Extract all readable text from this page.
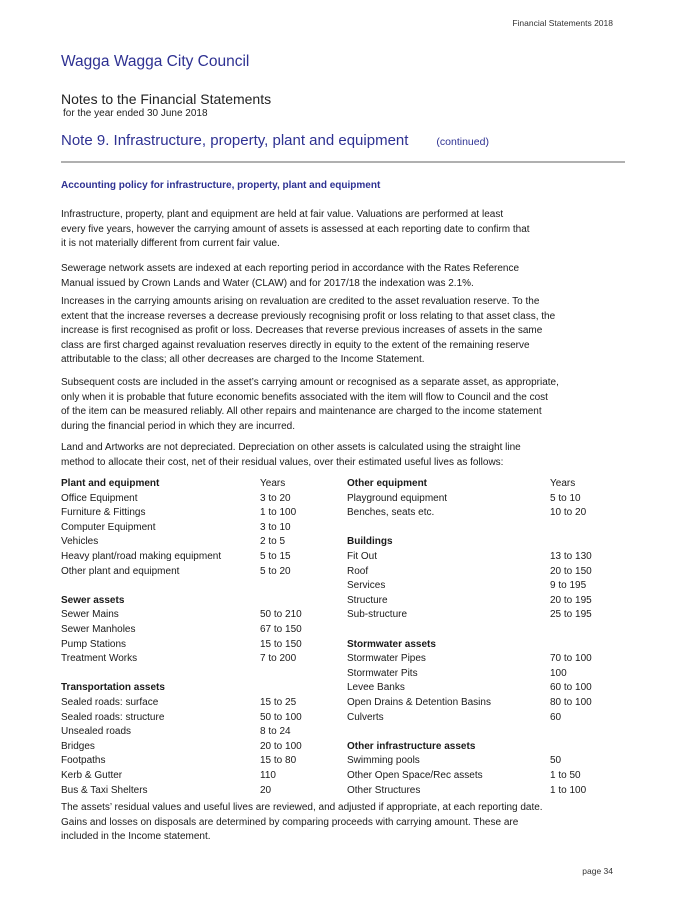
Financial Statements 2018
Wagga Wagga City Council
Notes to the Financial Statements
for the year ended 30 June 2018
Note 9. Infrastructure, property, plant and equipment	(continued)
Accounting policy for infrastructure, property, plant and equipment
Infrastructure, property, plant and equipment are held at fair value. Valuations are performed at least
every five years, however the carrying amount of assets is assessed at each reporting date to confirm that
it is not materially different from current fair value.
Sewerage network assets are indexed at each reporting period in accordance with the Rates Reference
Manual issued by Crown Lands and Water (CLAW) and for 2017/18 the indexation was 2.1%.
Increases in the carrying amounts arising on revaluation are credited to the asset revaluation reserve. To the
extent that the increase reverses a decrease previously recognising profit or loss relating to that asset class, the
increase is first recognised as profit or loss. Decreases that reverse previous increases of assets in the same
class are first charged against revaluation reserves directly in equity to the extent of the remaining reserve
attributable to the class; all other decreases are charged to the Income Statement.
Subsequent costs are included in the asset’s carrying amount or recognised as a separate asset, as appropriate,
only when it is probable that future economic benefits associated with the item will flow to Council and the cost
of the item can be measured reliably. All other repairs and maintenance are charged to the income statement
during the financial period in which they are incurred.
Land and Artworks are not depreciated. Depreciation on other assets is calculated using the straight line
method to allocate their cost, net of their residual values, over their estimated useful lives as follows:
Plant and equipment	Years
Office Equipment	3 to 20
Furniture & Fittings	1 to 100
Computer Equipment	3 to 10
Vehicles	2 to 5
Heavy plant/road making equipment	5 to 15
Other plant and equipment	5 to 20
Sewer assets
Sewer Mains	50 to 210
Sewer Manholes	67 to 150
Pump Stations	15 to 150
Treatment Works	7 to 200
Transportation assets
Sealed roads: surface	15 to 25
Sealed roads: structure	50 to 100
Unsealed roads	8 to 24
Bridges	20 to 100
Footpaths	15 to 80
Kerb & Gutter	110
Bus & Taxi Shelters	20
Other equipment	Years
Playground equipment	5 to 10
Benches, seats etc.	10 to 20
Buildings
Fit Out	13 to 130
Roof	20 to 150
Services	9 to 195
Structure	20 to 195
Sub-structure	25 to 195
Stormwater assets
Stormwater Pipes	70 to 100
Stormwater Pits	100
Levee Banks	60 to 100
Open Drains & Detention Basins	80 to 100
Culverts	60
Other infrastructure assets
Swimming pools	50
Other Open Space/Rec assets	1 to 50
Other Structures	1 to 100
The assets’ residual values and useful lives are reviewed, and adjusted if appropriate, at each reporting date.
Gains and losses on disposals are determined by comparing proceeds with carrying amount. These are
included in the Income statement.
page 34
